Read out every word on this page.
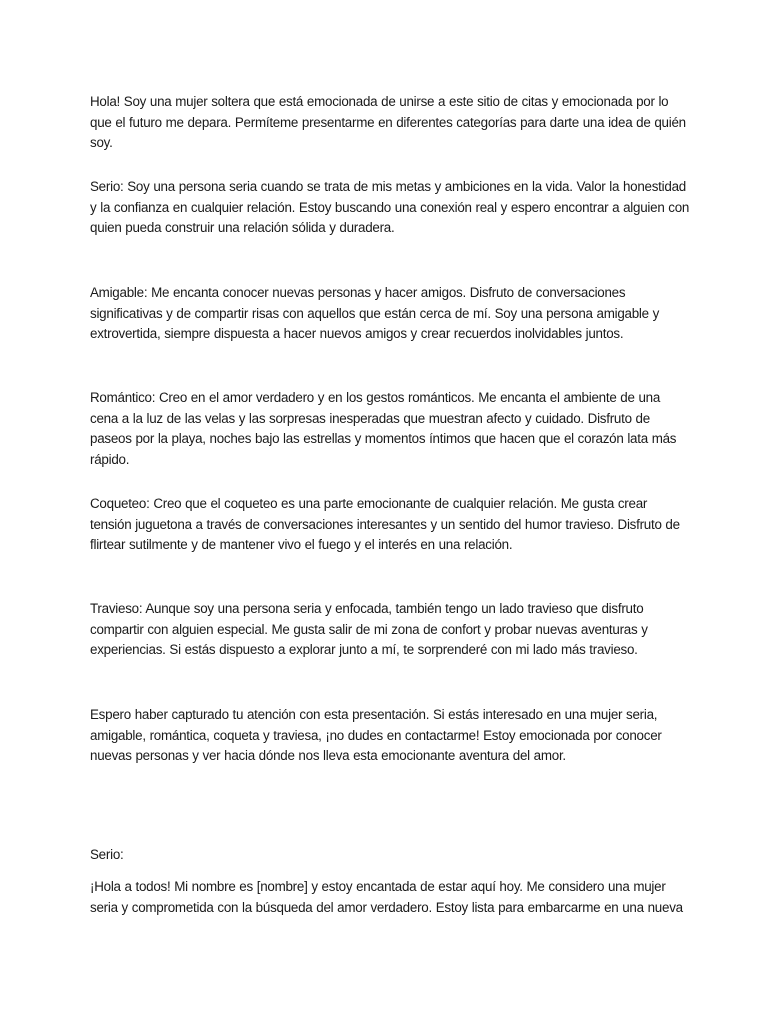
Hola! Soy una mujer soltera que está emocionada de unirse a este sitio de citas y emocionada por lo que el futuro me depara. Permíteme presentarme en diferentes categorías para darte una idea de quién soy.

Serio: Soy una persona seria cuando se trata de mis metas y ambiciones en la vida. Valor la honestidad y la confianza en cualquier relación. Estoy buscando una conexión real y espero encontrar a alguien con quien pueda construir una relación sólida y duradera.

Amigable: Me encanta conocer nuevas personas y hacer amigos. Disfruto de conversaciones significativas y de compartir risas con aquellos que están cerca de mí. Soy una persona amigable y extrovertida, siempre dispuesta a hacer nuevos amigos y crear recuerdos inolvidables juntos.

Romántico: Creo en el amor verdadero y en los gestos románticos. Me encanta el ambiente de una cena a la luz de las velas y las sorpresas inesperadas que muestran afecto y cuidado. Disfruto de paseos por la playa, noches bajo las estrellas y momentos íntimos que hacen que el corazón lata más rápido.

Coqueteo: Creo que el coqueteo es una parte emocionante de cualquier relación. Me gusta crear tensión juguetona a través de conversaciones interesantes y un sentido del humor travieso. Disfruto de flirtear sutilmente y de mantener vivo el fuego y el interés en una relación.

Travieso: Aunque soy una persona seria y enfocada, también tengo un lado travieso que disfruto compartir con alguien especial. Me gusta salir de mi zona de confort y probar nuevas aventuras y experiencias. Si estás dispuesto a explorar junto a mí, te sorprenderé con mi lado más travieso.

Espero haber capturado tu atención con esta presentación. Si estás interesado en una mujer seria, amigable, romántica, coqueta y traviesa, ¡no dudes en contactarme! Estoy emocionada por conocer nuevas personas y ver hacia dónde nos lleva esta emocionante aventura del amor.

Serio:

¡Hola a todos! Mi nombre es [nombre] y estoy encantada de estar aquí hoy. Me considero una mujer seria y comprometida con la búsqueda del amor verdadero. Estoy lista para embarcarme en una nueva
